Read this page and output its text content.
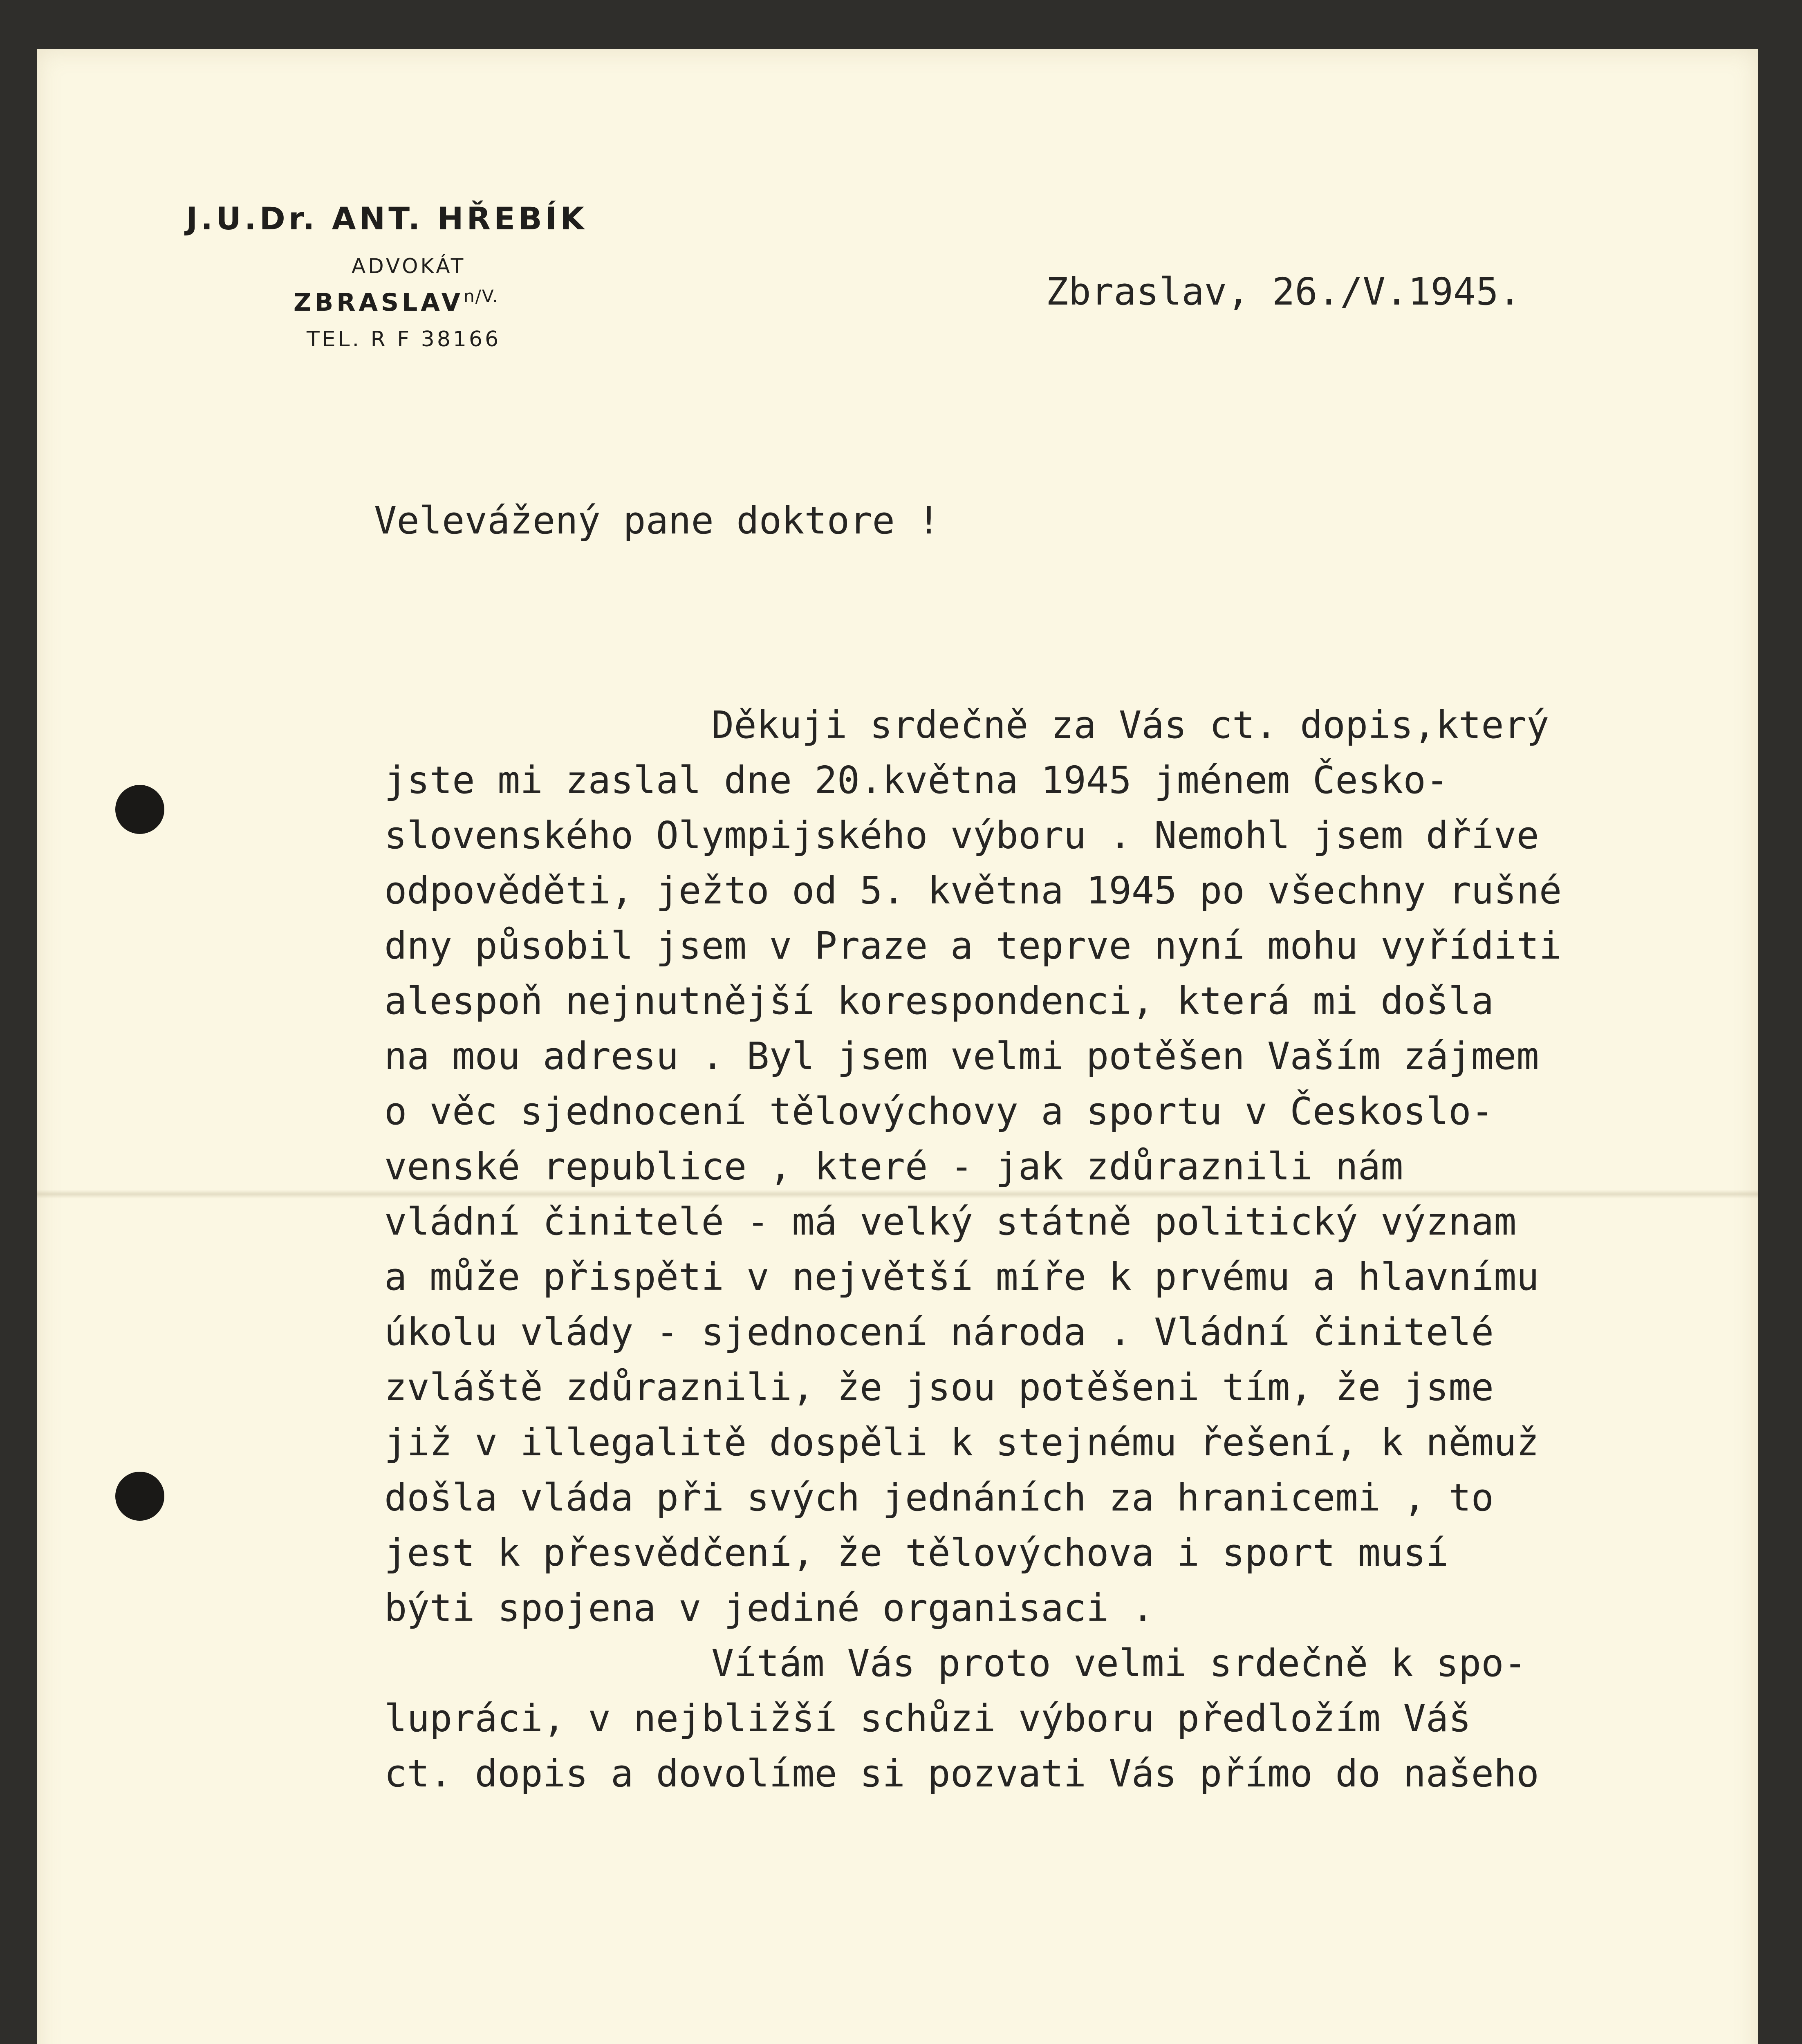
J.U.Dr. ANT. HŘEBÍK
ADVOKÁT
$ZBRASLAV^{n/V.}$
TEL. R F 38166
Zbraslav, 26./V.1945.
Velevážený pane doktore !
Děkuji srdečně za Vás ct. dopis,který
jste mi zaslal dne 20.května 1945 jménem Česko-
slovenského Olympijského výboru . Nemohl jsem dříve
odpověděti, ježto od 5. května 1945 po všechny rušné
dny působil jsem v Praze a teprve nyní mohu vyříditi
alespoň nejnutnější korespondenci, která mi došla
na mou adresu . Byl jsem velmi potěšen Vaším zájmem
o věc sjednocení tělovýchovy a sportu v Českoslo-
venské republice , které - jak zdůraznili nám
vládní činitelé - má velký státně politický význam
a může přispěti v největší míře k prvému a hlavnímu
úkolu vlády - sjednocení národa . Vládní činitelé
zvláště zdůraznili, že jsou potěšeni tím, že jsme
již v illegalitě dospěli k stejnému řešení, k němuž
došla vláda při svých jednáních za hranicemi , to
jest k přesvědčení, že tělovýchova i sport musí
býti spojena v jediné organisaci .
Vítám Vás proto velmi srdečně k spo-
lupráci, v nejbližší schůzi výboru předložím Váš
ct. dopis a dovolíme si pozvati Vás přímo do našeho
